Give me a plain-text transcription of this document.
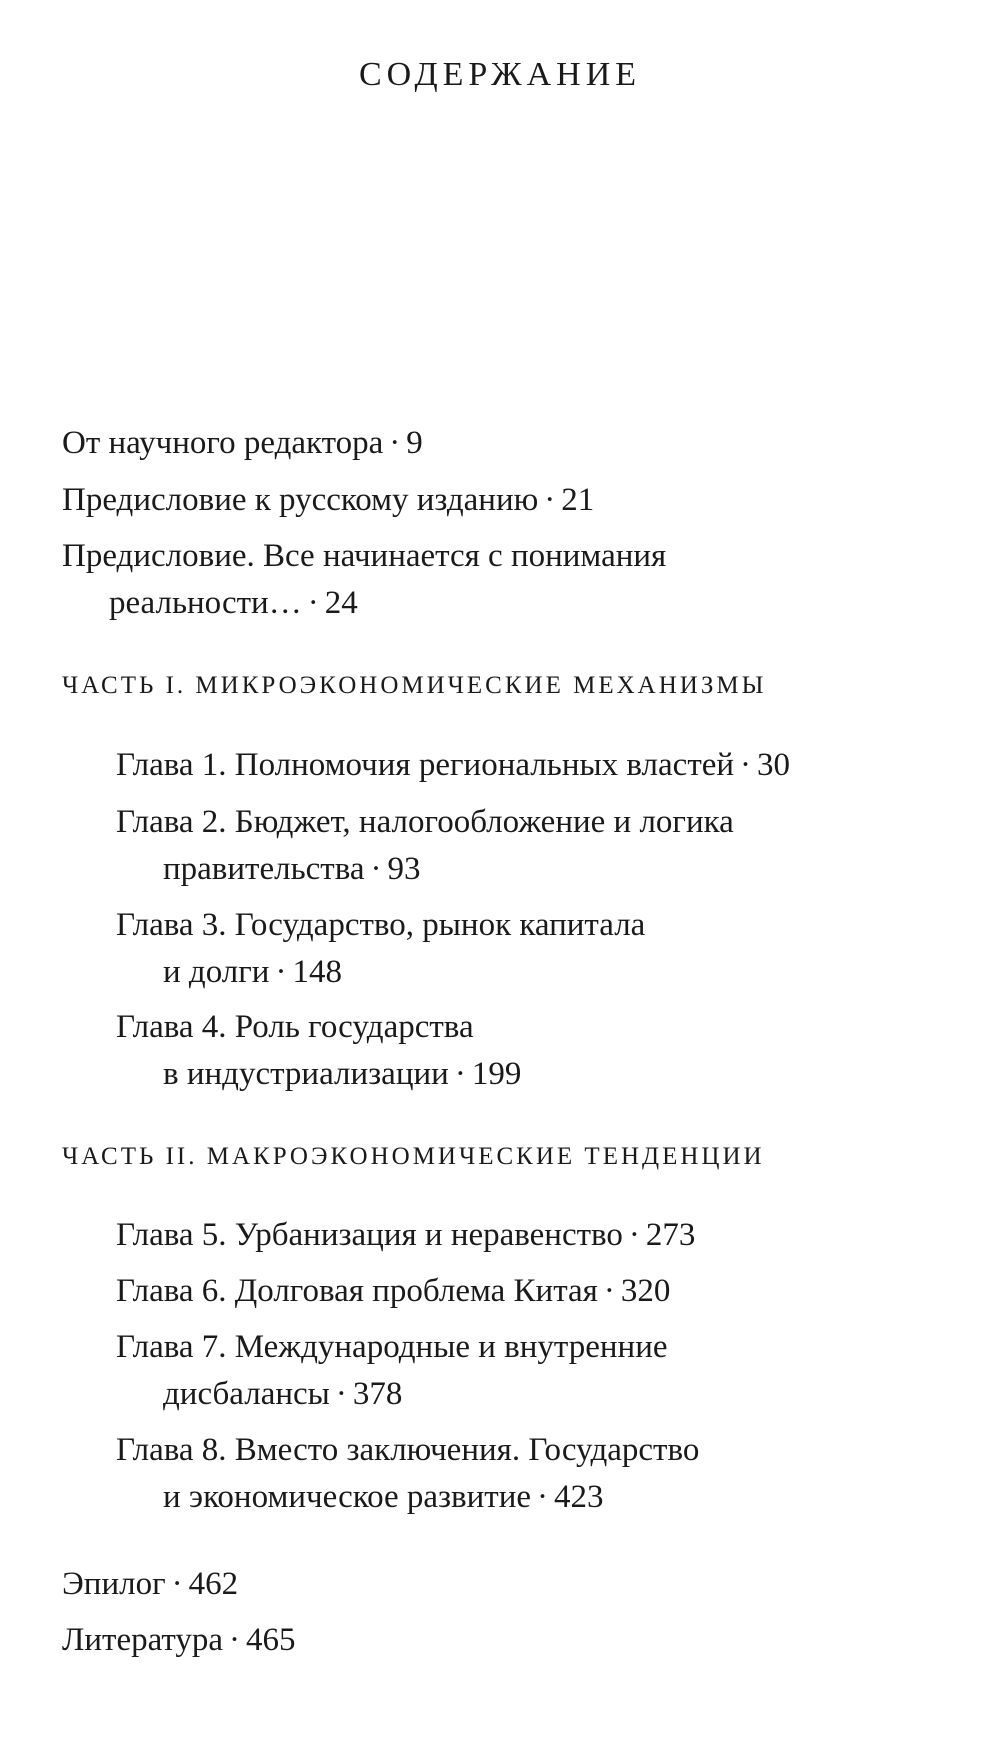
СОДЕРЖАНИЕ
От научного редактора · 9
Предисловие к русскому изданию · 21
Предисловие. Все начинается с понимания
реальности… · 24
ЧАСТЬ I. МИКРОЭКОНОМИЧЕСКИЕ МЕХАНИЗМЫ
Глава 1. Полномочия региональных властей · 30
Глава 2. Бюджет, налогообложение и логика
правительства · 93
Глава 3. Государство, рынок капитала
и долги · 148
Глава 4. Роль государства
в индустриализации · 199
ЧАСТЬ II. МАКРОЭКОНОМИЧЕСКИЕ ТЕНДЕНЦИИ
Глава 5. Урбанизация и неравенство · 273
Глава 6. Долговая проблема Китая · 320
Глава 7. Международные и внутренние
дисбалансы · 378
Глава 8. Вместо заключения. Государство
и экономическое развитие · 423
Эпилог · 462
Литература · 465
